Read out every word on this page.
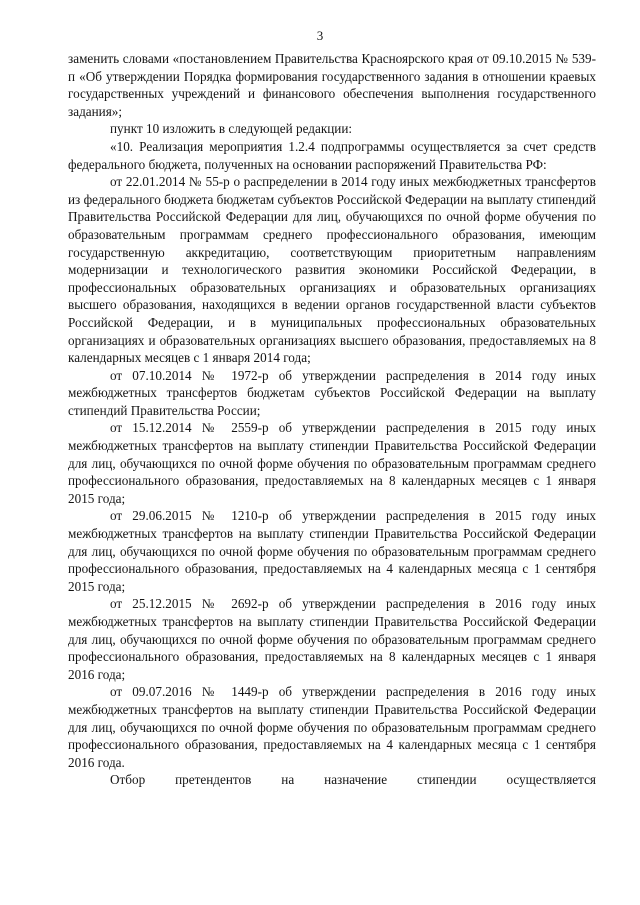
3

заменить словами «постановлением Правительства Красноярского края от 09.10.2015 № 539-п «Об утверждении Порядка формирования государственного задания в отношении краевых государственных учреждений и финансового обеспечения выполнения государственного задания»;

пункт 10 изложить в следующей редакции:

«10. Реализация мероприятия 1.2.4 подпрограммы осуществляется за счет средств федерального бюджета, полученных на основании распоряжений Правительства РФ:

от 22.01.2014 № 55-р о распределении в 2014 году иных межбюджетных трансфертов из федерального бюджета бюджетам субъектов Российской Федерации на выплату стипендий Правительства Российской Федерации для лиц, обучающихся по очной форме обучения по образовательным программам среднего профессионального образования, имеющим государственную аккредитацию, соответствующим приоритетным направлениям модернизации и технологического развития экономики Российской Федерации, в профессиональных образовательных организациях и образовательных организациях высшего образования, находящихся в ведении органов государственной власти субъектов Российской Федерации, и в муниципальных профессиональных образовательных организациях и образовательных организациях высшего образования, предоставляемых на 8 календарных месяцев с 1 января 2014 года;

от 07.10.2014 № 1972-р об утверждении распределения в 2014 году иных межбюджетных трансфертов бюджетам субъектов Российской Федерации на выплату стипендий Правительства России;

от 15.12.2014 № 2559-р об утверждении распределения в 2015 году иных межбюджетных трансфертов на выплату стипендии Правительства Российской Федерации для лиц, обучающихся по очной форме обучения по образовательным программам среднего профессионального образования, предоставляемых на 8 календарных месяцев с 1 января 2015 года;

от 29.06.2015 № 1210-р об утверждении распределения в 2015 году иных межбюджетных трансфертов на выплату стипендии Правительства Российской Федерации для лиц, обучающихся по очной форме обучения по образовательным программам среднего профессионального образования, предоставляемых на 4 календарных месяца с 1 сентября 2015 года;

от 25.12.2015 № 2692-р об утверждении распределения в 2016 году иных межбюджетных трансфертов на выплату стипендии Правительства Российской Федерации для лиц, обучающихся по очной форме обучения по образовательным программам среднего профессионального образования, предоставляемых на 8 календарных месяцев с 1 января 2016 года;

от 09.07.2016 № 1449-р об утверждении распределения в 2016 году иных межбюджетных трансфертов на выплату стипендии Правительства Российской Федерации для лиц, обучающихся по очной форме обучения по образовательным программам среднего профессионального образования, предоставляемых на 4 календарных месяца с 1 сентября 2016 года.

Отбор претендентов на назначение стипендии осуществляется
